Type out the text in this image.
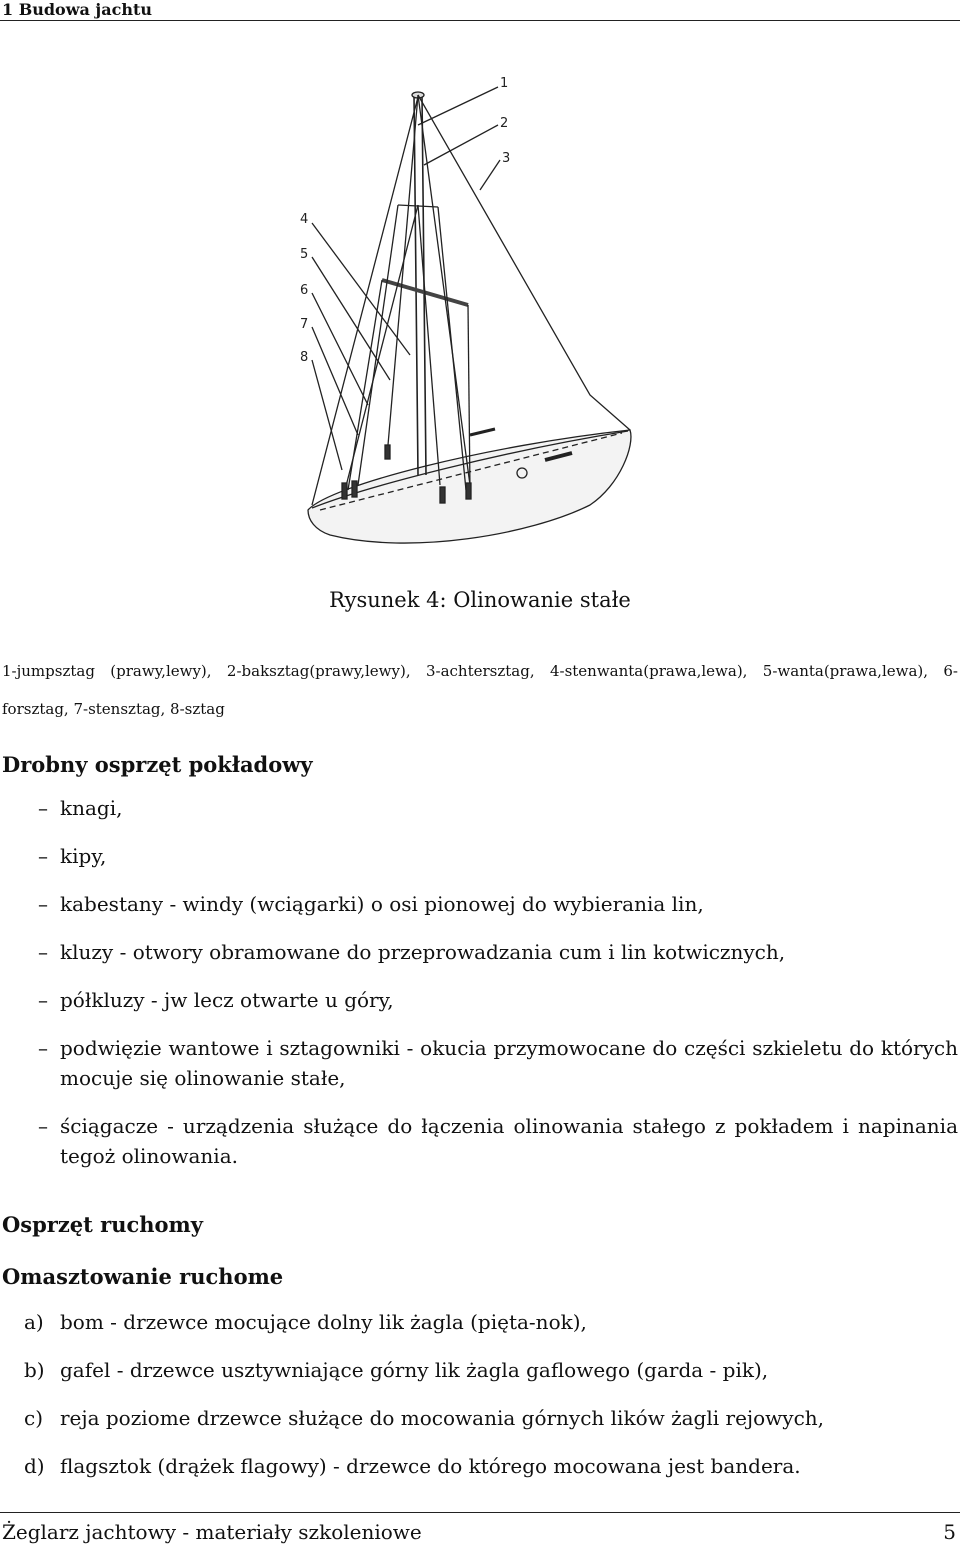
1 Budowa jachtu
1
2
3
4
5
6
7
8
Rysunek 4: Olinowanie stałe
1-jumpsztag (prawy,lewy), 2-baksztag(prawy,lewy), 3-achtersztag, 4-stenwanta(prawa,lewa), 5-wanta(prawa,lewa), 6-forsztag, 7-stensztag, 8-sztag
Drobny osprzęt pokładowy
– knagi,
– kipy,
– kabestany - windy (wciągarki) o osi pionowej do wybierania lin,
– kluzy - otwory obramowane do przeprowadzania cum i lin kotwicznych,
– półkluzy - jw lecz otwarte u góry,
– podwięzie wantowe i sztagowniki - okucia przymowocane do części szkieletu do których mocuje się olinowanie stałe,
– ściągacze - urządzenia służące do łączenia olinowania stałego z pokładem i napinania tegoż olinowania.
Osprzęt ruchomy
Omasztowanie ruchome
a) bom - drzewce mocujące dolny lik żagla (pięta-nok),
b) gafel - drzewce usztywniające górny lik żagla gaflowego (garda - pik),
c) reja poziome drzewce służące do mocowania górnych lików żagli rejowych,
d) flagsztok (drążek flagowy) - drzewce do którego mocowana jest bandera.
Żeglarz jachtowy - materiały szkoleniowe	5
